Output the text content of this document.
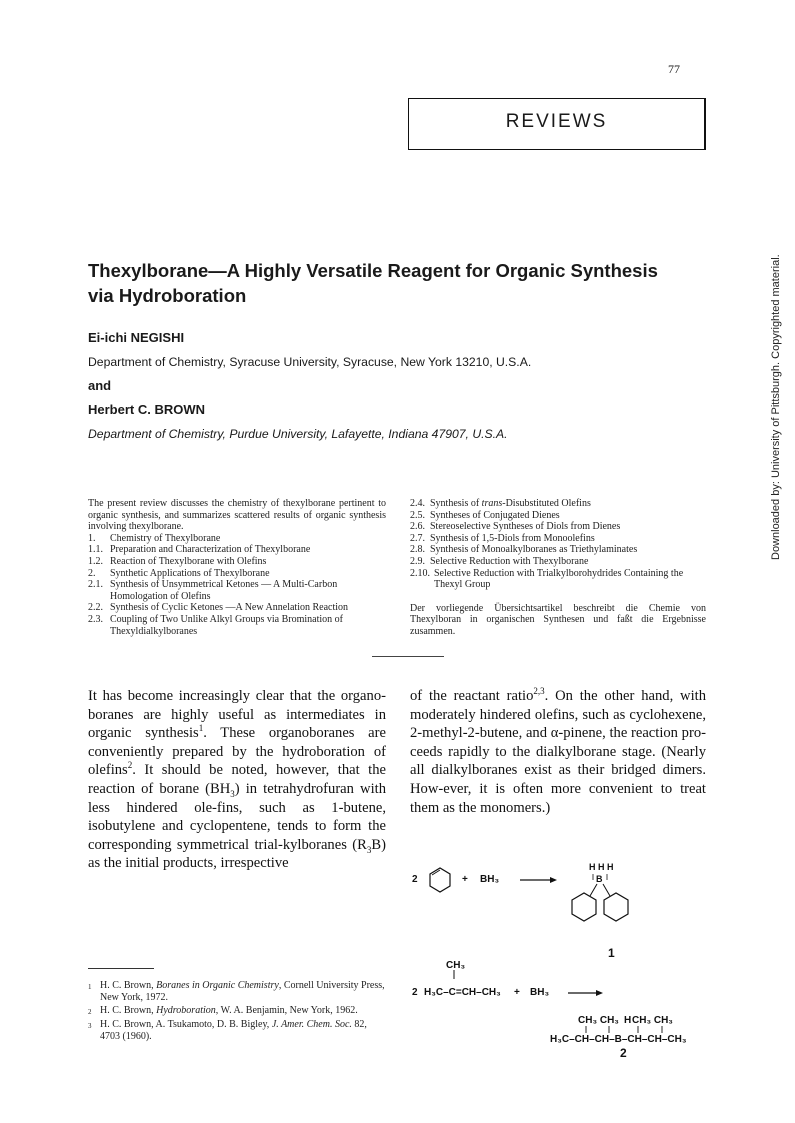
77
REVIEWS
Thexylborane—A Highly Versatile Reagent for Organic Synthesis
via Hydroboration
Ei-ichi NEGISHI
Department of Chemistry, Syracuse University, Syracuse, New York 13210, U.S.A.
and
Herbert C. BROWN
Department of Chemistry, Purdue University, Lafayette, Indiana 47907, U.S.A.
The present review discusses the chemistry of thexylborane pertinent to organic synthesis, and summarizes scattered results of organic synthesis involving thexylborane.
1.	Chemistry of Thexylborane
1.1. Preparation and Characterization of Thexylborane
1.2. Reaction of Thexylborane with Olefins
2.	Synthetic Applications of Thexylborane
2.1. Synthesis of Unsymmetrical Ketones — A Multi-Carbon Homologation of Olefins
2.2. Synthesis of Cyclic Ketones —A New Annelation Reaction
2.3. Coupling of Two Unlike Alkyl Groups via Bromination of Thexyldialkylboranes
2.4. Synthesis of trans-Disubstituted Olefins
2.5. Syntheses of Conjugated Dienes
2.6. Stereoselective Syntheses of Diols from Dienes
2.7. Synthesis of 1,5-Diols from Monoolefins
2.8. Synthesis of Monoalkylboranes as Triethylaminates
2.9. Selective Reduction with Thexylborane
2.10. Selective Reduction with Trialkylborohydrides Containing the Thexyl Group
Der vorliegende Übersichtsartikel beschreibt die Chemie von Thexylboran in organischen Synthesen und faßt die Ergebnisse zusammen.
It has become increasingly clear that the organo-boranes are highly useful as intermediates in organic synthesis$^1$. These organoboranes are conveniently prepared by the hydroboration of olefins$^2$. It should be noted, however, that the reaction of borane $(BH_3)$ in tetrahydrofuran with less hindered ole-fins, such as 1-butene, isobutylene and cyclopentene, tends to form the corresponding symmetrical trial-kylboranes $(R_3B)$ as the initial products, irrespective
of the reactant ratio$^{2,3}$. On the other hand, with moderately hindered olefins, such as cyclohexene, 2-methyl-2-butene, and α-pinene, the reaction pro-ceeds rapidly to the dialkylborane stage. (Nearly all dialkylboranes exist as their bridged dimers. How-ever, it is often more convenient to treat them as the monomers.)
2	+ BH₃
H H H
B
1
CH₃
2 H₃C–C=CH–CH₃ + BH₃
CH₃ CH₃ H CH₃ CH₃
H₃C–CH–CH–B–CH–CH–CH₃
2
1 H. C. Brown, Boranes in Organic Chemistry, Cornell University Press, New York, 1972.
2 H. C. Brown, Hydroboration, W. A. Benjamin, New York, 1962.
3 H. C. Brown, A. Tsukamoto, D. B. Bigley, J. Amer. Chem. Soc. 82, 4703 (1960).
Downloaded by: University of Pittsburgh. Copyrighted material.
